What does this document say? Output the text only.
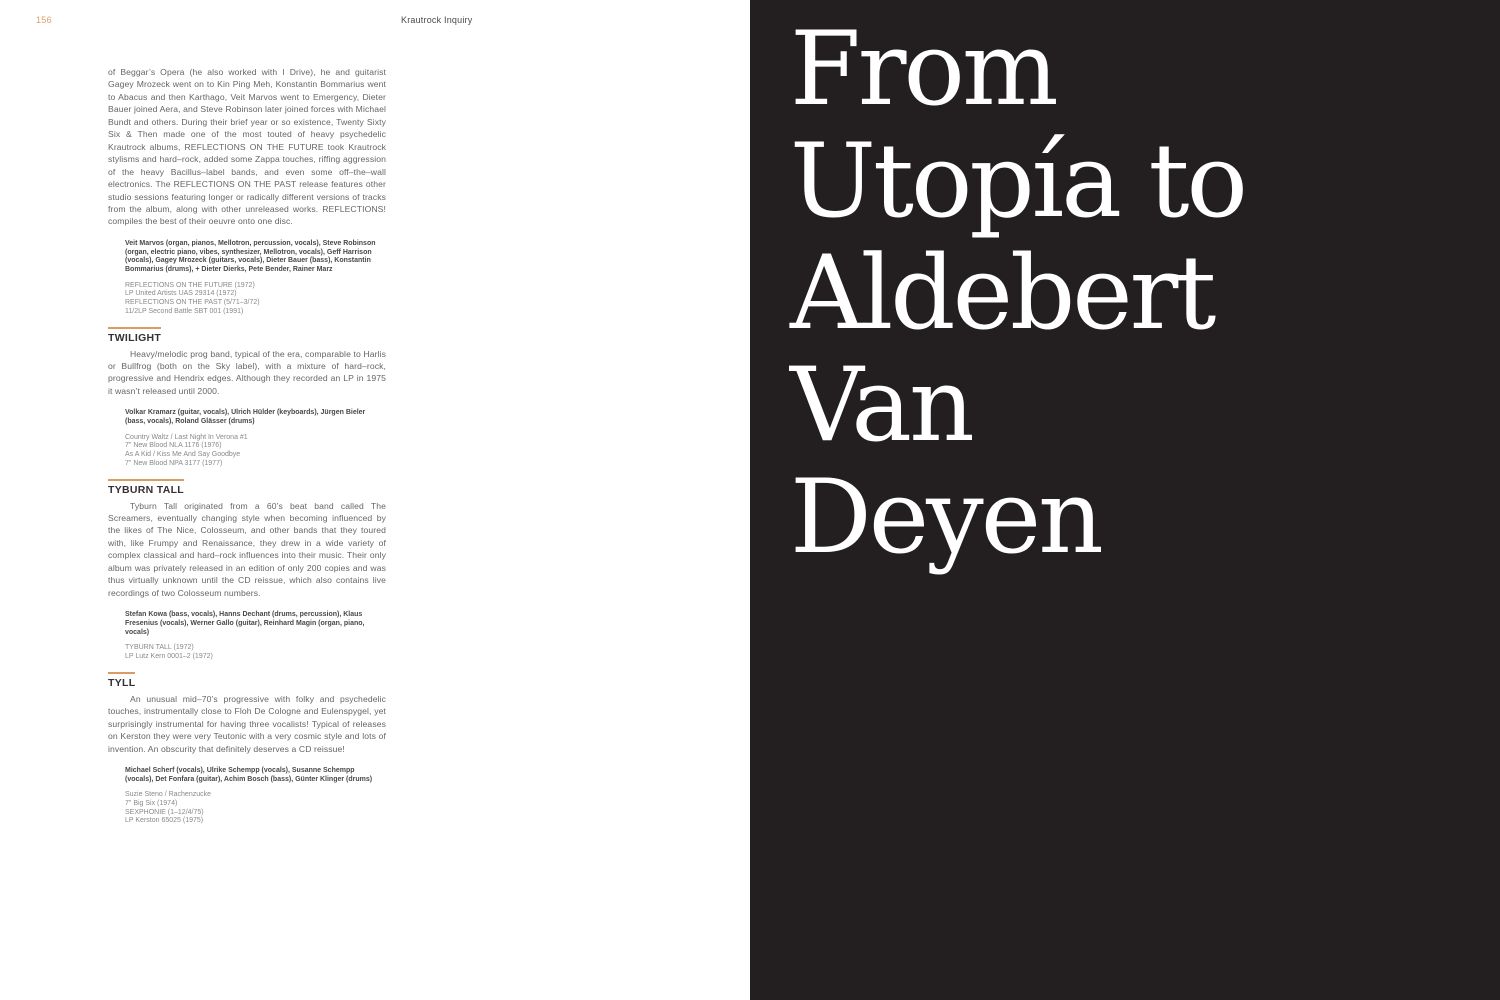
156	Krautrock Inquiry

of Beggar’s Opera (he also worked with I Drive), he and guitarist Gagey Mrozeck went on to Kin Ping Meh, Konstantin Bommarius went to Abacus and then Karthago, Veit Marvos went to Emergency, Dieter Bauer joined Aera, and Steve Robinson later joined forces with Michael Bundt and others. During their brief year or so existence, Twenty Sixty Six & Then made one of the most touted of heavy psychedelic Krautrock albums, REFLECTIONS ON THE FUTURE took Krautrock stylisms and hard–rock, added some Zappa touches, riffing aggression of the heavy Bacillus–label bands, and even some off–the–wall electronics. The REFLECTIONS ON THE PAST release features other studio sessions featuring longer or radically different versions of tracks from the album, along with other unreleased works. REFLECTIONS! compiles the best of their oeuvre onto one disc.

Veit Marvos (organ, pianos, Mellotron, percussion, vocals), Steve Robinson (organ, electric piano, vibes, synthesizer, Mellotron, vocals), Geff Harrison (vocals), Gagey Mrozeck (guitars, vocals), Dieter Bauer (bass), Konstantin Bommarius (drums), + Dieter Dierks, Pete Bender, Rainer Marz
REFLECTIONS ON THE FUTURE (1972)
LP United Artists UAS 29314 (1972)
REFLECTIONS ON THE PAST (5/71–3/72)
11/2LP Second Battle SBT 001 (1991)
TWILIGHT

Heavy/melodic prog band, typical of the era, comparable to Harlis or Bullfrog (both on the Sky label), with a mixture of hard–rock, progressive and Hendrix edges. Although they recorded an LP in 1975 it wasn’t released until 2000.

Volkar Kramarz (guitar, vocals), Ulrich Hülder (keyboards), Jürgen Bieler (bass, vocals), Roland Glässer (drums)
Country Waltz / Last Night In Verona #1
7" New Blood NLA 1176 (1976)
As A Kid / Kiss Me And Say Goodbye
7" New Blood NPA 3177 (1977)
TYBURN TALL

Tyburn Tall originated from a 60’s beat band called The Screamers, eventually changing style when becoming influenced by the likes of The Nice, Colosseum, and other bands that they toured with, like Frumpy and Renaissance, they drew in a wide variety of complex classical and hard–rock influences into their music. Their only album was privately released in an edition of only 200 copies and was thus virtually unknown until the CD reissue, which also contains live recordings of two Colosseum numbers.

Stefan Kowa (bass, vocals), Hanns Dechant (drums, percussion), Klaus Fresenius (vocals), Werner Gallo (guitar), Reinhard Magin (organ, piano, vocals)
TYBURN TALL (1972)
LP Lutz Kern 0001–2 (1972)
TYLL

An unusual mid–70’s progressive with folky and psychedelic touches, instrumentally close to Floh De Cologne and Eulenspygel, yet surprisingly instrumental for having three vocalists! Typical of releases on Kerston they were very Teutonic with a very cosmic style and lots of invention. An obscurity that definitely deserves a CD reissue!

Michael Scherf (vocals), Ulrike Schempp (vocals), Susanne Schempp (vocals), Det Fonfara (guitar), Achim Bosch (bass), Günter Klinger (drums)
Suzie Steno / Rachenzucke
7" Big Six (1974)
SEXPHONIE (1–12/4/75)
LP Kerston 65025 (1975)
From
Utopía to
Aldebert
Van
Deyen
